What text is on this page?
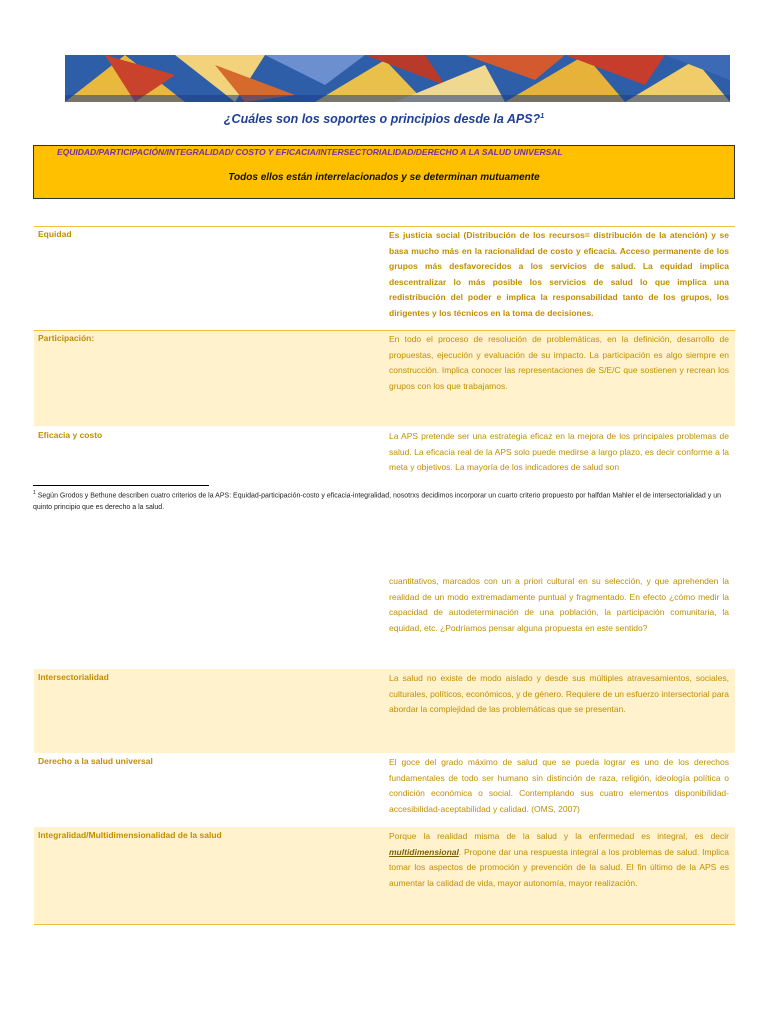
¿Cuáles son los soportes o principios desde la APS?$^1$
EQUIDAD/PARTICIPACIÓN/INTEGRALIDAD/ COSTO Y EFICACIA/INTERSECTORIALIDAD/DERECHO A LA SALUD UNIVERSAL
Todos ellos están interrelacionados y se determinan mutuamente
Equidad	Es justicia social (Distribución de los recursos= distribución de la atención) y se basa mucho más en la racionalidad de costo y eficacia. Acceso permanente de los grupos más desfavorecidos a los servicios de salud. La equidad implica descentralizar lo más posible los servicios de salud lo que implica una redistribución del poder e implica la responsabilidad tanto de los grupos, los dirigentes y los técnicos en la toma de decisiones.
Participación:	En todo el proceso de resolución de problemáticas, en la definición, desarrollo de propuestas, ejecución y evaluación de su impacto. La participación es algo siempre en construcción. Implica conocer las representaciones de S/E/C que sostienen y recrean los grupos con los que trabajamos.
Eficacia y costo	La APS pretende ser una estrategia eficaz en la mejora de los principales problemas de salud. La eficacia real de la APS solo puede medirse a largo plazo, es decir conforme a la meta y objetivos. La mayoría de los indicadores de salud son
$^1$ Según Grodos y Bethune describen cuatro criterios de la APS: Equidad-participación-costo y eficacia-integralidad, nosotrxs decidimos incorporar un cuarto criterio propuesto por halfdan Mahler el de intersectorialidad y un quinto principio que es derecho a la salud.
cuantitativos, marcados con un a priori cultural en su selección, y que aprehenden la realidad de un modo extremadamente puntual y fragmentado. En efecto ¿cómo medir la capacidad de autodeterminación de una población, la participación comunitaria, la equidad, etc. ¿Podríamos pensar alguna propuesta en este sentido?
Intersectorialidad	La salud no existe de modo aislado y desde sus múltiples atravesamientos, sociales, culturales, políticos, económicos, y de género. Requiere de un esfuerzo intersectorial para abordar la complejidad de las problemáticas que se presentan.
Derecho a la salud universal	El goce del grado máximo de salud que se pueda lograr es uno de los derechos fundamentales de todo ser humano sin distinción de raza, religión, ideología política o condición económica o social. Contemplando sus cuatro elementos disponibilidad-accesibilidad-aceptabilidad y calidad. (OMS, 2007)
Integralidad/Multidimensionalidad de la salud	Porque la realidad misma de la salud y la enfermedad es integral, es decir multidimensional. Propone dar una respuesta integral a los problemas de salud. Implica tomar los aspectos de promoción y prevención de la salud. El fin último de la APS es aumentar la calidad de vida, mayor autonomía, mayor realización.
